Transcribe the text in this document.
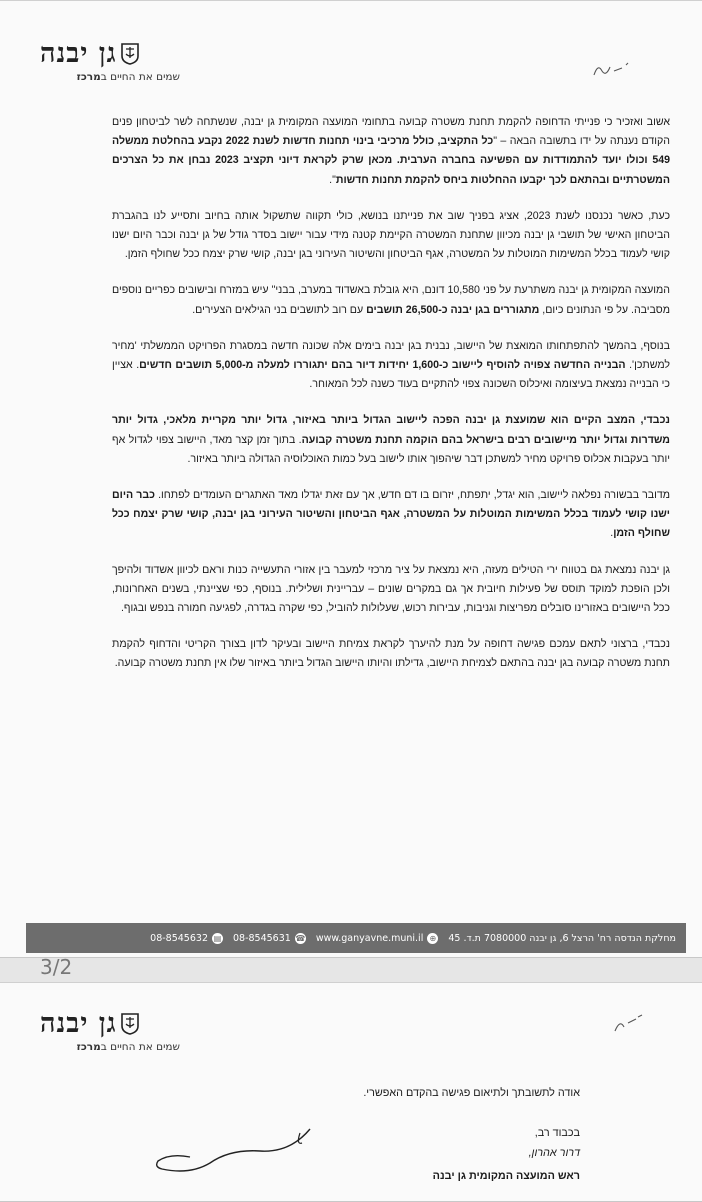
גן יבנה
שמים את החיים במרכז

אשוב ואזכיר כי פנייתי הדחופה להקמת תחנת משטרה קבועה בתחומי המועצה המקומית גן יבנה, שנשתחה לשר לביטחון פנים הקודם נענתה על ידו בתשובה הבאה – "כל התקציב, כולל מרכיבי בינוי תחנות חדשות לשנת 2022 נקבע בהחלטת ממשלה 549 וכולו יועד להתמודדות עם הפשיעה בחברה הערבית. מכאן שרק לקראת דיוני תקציב 2023 נבחן את כל הצרכים המשטרתיים ובהתאם לכך יקבעו ההחלטות ביחס להקמת תחנות חדשות".

כעת, כאשר נכנסנו לשנת 2023, אציג בפניך שוב את פנייתנו בנושא, כולי תקווה שתשקול אותה בחיוב ותסייע לנו בהגברת הביטחון האישי של תושבי גן יבנה מכיוון שתחנת המשטרה הקיימת קטנה מידי עבור יישוב בסדר גודל של גן יבנה וכבר היום ישנו קושי לעמוד בכלל המשימות המוטלות על המשטרה, אגף הביטחון והשיטור העירוני בגן יבנה, קושי שרק יצמח ככל שחולף הזמן.

המועצה המקומית גן יבנה משתרעת על פני 10,580 דונם, היא גובלת באשדוד במערב, בבני" עיש במזרח ובישובים כפריים נוספים מסביבה. על פי הנתונים כיום, מתגוררים בגן יבנה כ-26,500 תושבים עם רוב לתושבים בני הגילאים הצעירים.

בנוסף, בהמשך להתפתחותו המואצת של היישוב, נבנית בגן יבנה בימים אלה שכונה חדשה במסגרת הפרויקט הממשלתי 'מחיר למשתכן'. הבנייה החדשה צפויה להוסיף ליישוב כ-1,600 יחידות דיור בהם יתגוררו למעלה מ-5,000 תושבים חדשים. אציין כי הבנייה נמצאת בעיצומה ואיכלוס השכונה צפוי להתקיים בעוד כשנה לכל המאוחר.

נכבדי, המצב הקיים הוא שמועצת גן יבנה הפכה ליישוב הגדול ביותר באיזור, גדול יותר מקריית מלאכי, גדול יותר משדרות וגדול יותר מיישובים רבים בישראל בהם הוקמה תחנת משטרה קבועה. בתוך זמן קצר מאד, היישוב צפוי לגדול אף יותר בעקבות אכלוס פרויקט מחיר למשתכן דבר שיהפוך אותו לישוב בעל כמות האוכלוסיה הגדולה ביותר באיזור.

מדובר בבשורה נפלאה ליישוב, הוא יגדל, יתפתח, יזרום בו דם חדש, אך עם זאת יגדלו מאד האתגרים העומדים לפתחו. כבר היום ישנו קושי לעמוד בכלל המשימות המוטלות על המשטרה, אגף הביטחון והשיטור העירוני בגן יבנה, קושי שרק יצמח ככל שחולף הזמן.

גן יבנה נמצאת גם בטווח ירי הטילים מעזה, היא נמצאת על ציר מרכזי למעבר בין אזורי התעשייה כנות וראם לכיוון אשדוד ולהיפך ולכן הופכת למוקד תוסס של פעילות חיובית אך גם במקרים שונים – עבריינית ושלילית. בנוסף, כפי שציינתי, בשנים האחרונות, ככל היישובים באזורינו סובלים מפריצות וגניבות, עבירות רכוש, שעלולות להוביל, כפי שקרה בגדרה, לפגיעה חמורה בנפש ובגוף.

נכבדי, ברצוני לתאם עמכם פגישה דחופה על מנת להיערך לקראת צמיחת היישוב ובעיקר לדון בצורך הקריטי והדחוף להקמת תחנת משטרה קבועה בגן יבנה בהתאם לצמיחת היישוב, גדילתו והיותו היישוב הגדול ביותר באיזור שלו אין תחנת משטרה קבועה.

מחלקת הנדסה רח' הרצל 6, גן יבנה 7080000 ת.ד. 45
⊕
www.ganyavne.muni.il
☎
08-8545631
▤
08-8545632
3/2
גן יבנה
שמים את החיים במרכז
אודה לתשובתך ולתיאום פגישה בהקדם האפשרי.
בכבוד רב,
דרור אהרון,
ראש המועצה המקומית גן יבנה
